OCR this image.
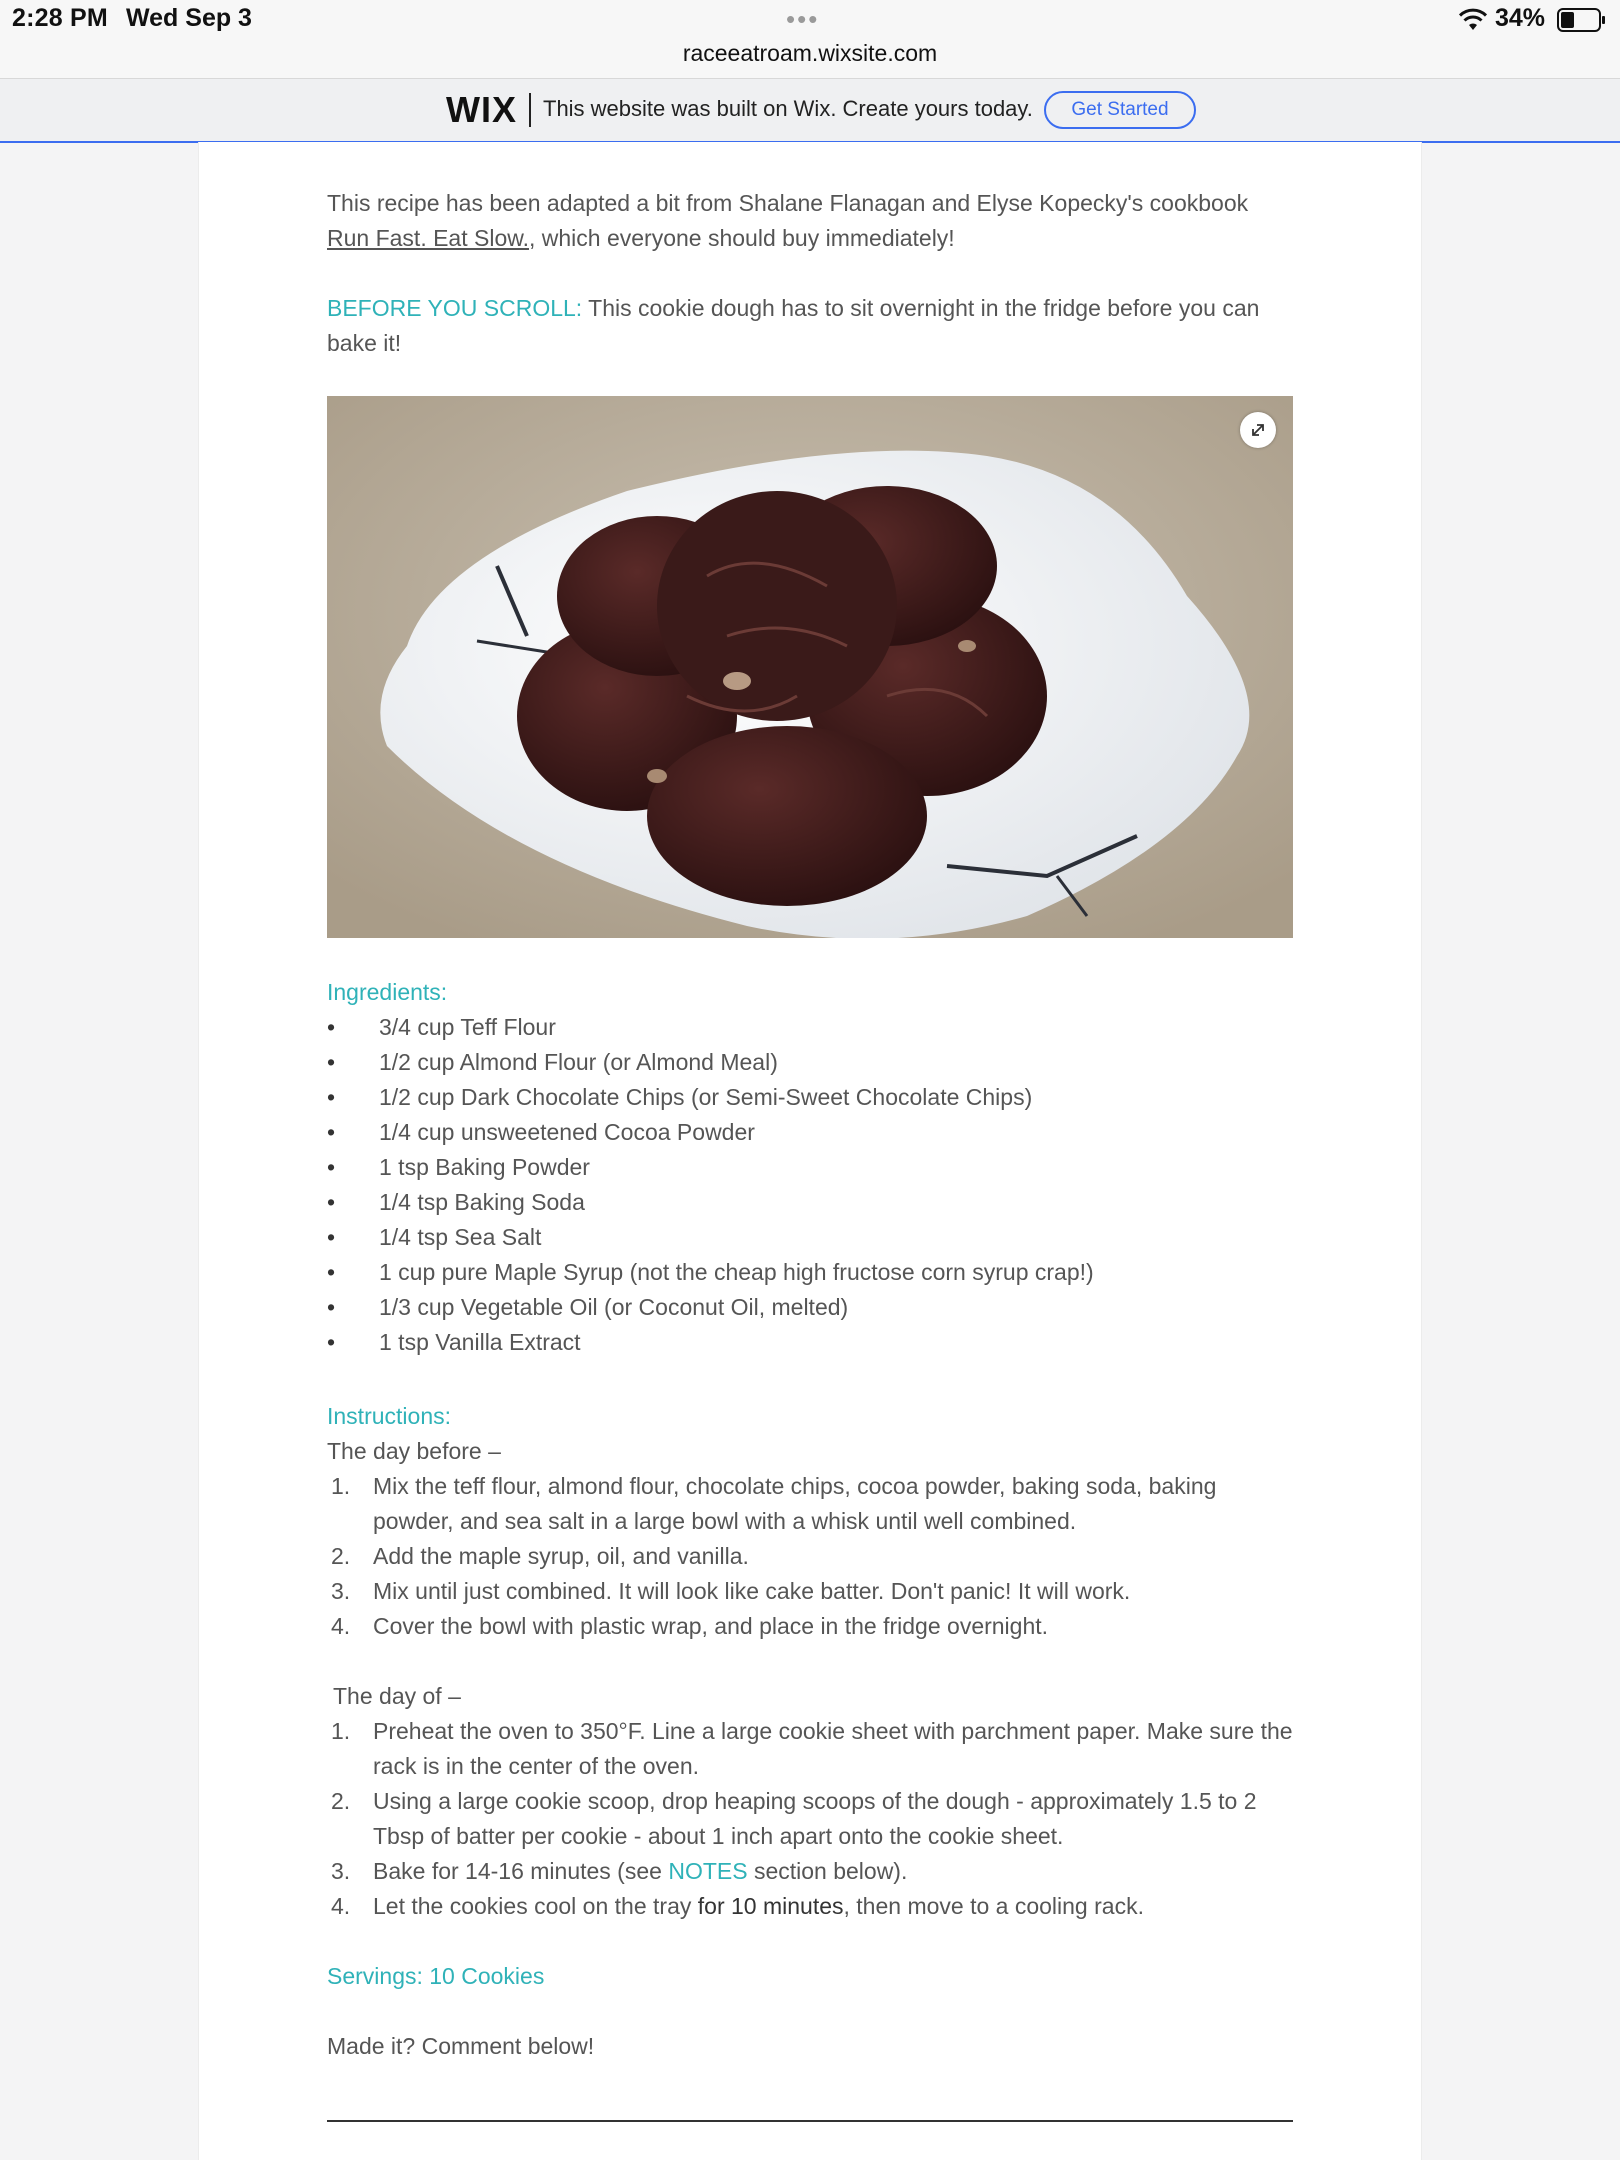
2:28 PM Wed Sep 3	•••	34%
raceeatroam.wixsite.com
WIX This website was built on Wix. Create yours today.	Get Started

This recipe has been adapted a bit from Shalane Flanagan and Elyse Kopecky's cookbook Run Fast. Eat Slow., which everyone should buy immediately!

BEFORE YOU SCROLL: This cookie dough has to sit overnight in the fridge before you can bake it!

Ingredients:

• 3/4 cup Teff Flour
• 1/2 cup Almond Flour (or Almond Meal)
• 1/2 cup Dark Chocolate Chips (or Semi-Sweet Chocolate Chips)
• 1/4 cup unsweetened Cocoa Powder
• 1 tsp Baking Powder
• 1/4 tsp Baking Soda
• 1/4 tsp Sea Salt
• 1 cup pure Maple Syrup (not the cheap high fructose corn syrup crap!)
• 1/3 cup Vegetable Oil (or Coconut Oil, melted)
• 1 tsp Vanilla Extract

Instructions:

The day before –

1. Mix the teff flour, almond flour, chocolate chips, cocoa powder, baking soda, baking powder, and sea salt in a large bowl with a whisk until well combined.
2. Add the maple syrup, oil, and vanilla.
3. Mix until just combined. It will look like cake batter. Don't panic! It will work.
4. Cover the bowl with plastic wrap, and place in the fridge overnight.

The day of –

1. Preheat the oven to 350°F. Line a large cookie sheet with parchment paper. Make sure the rack is in the center of the oven.
2. Using a large cookie scoop, drop heaping scoops of the dough - approximately 1.5 to 2 Tbsp of batter per cookie - about 1 inch apart onto the cookie sheet.
3. Bake for 14-16 minutes (see NOTES section below).
4. Let the cookies cool on the tray for 10 minutes, then move to a cooling rack.

Servings: 10 Cookies

Made it? Comment below!
